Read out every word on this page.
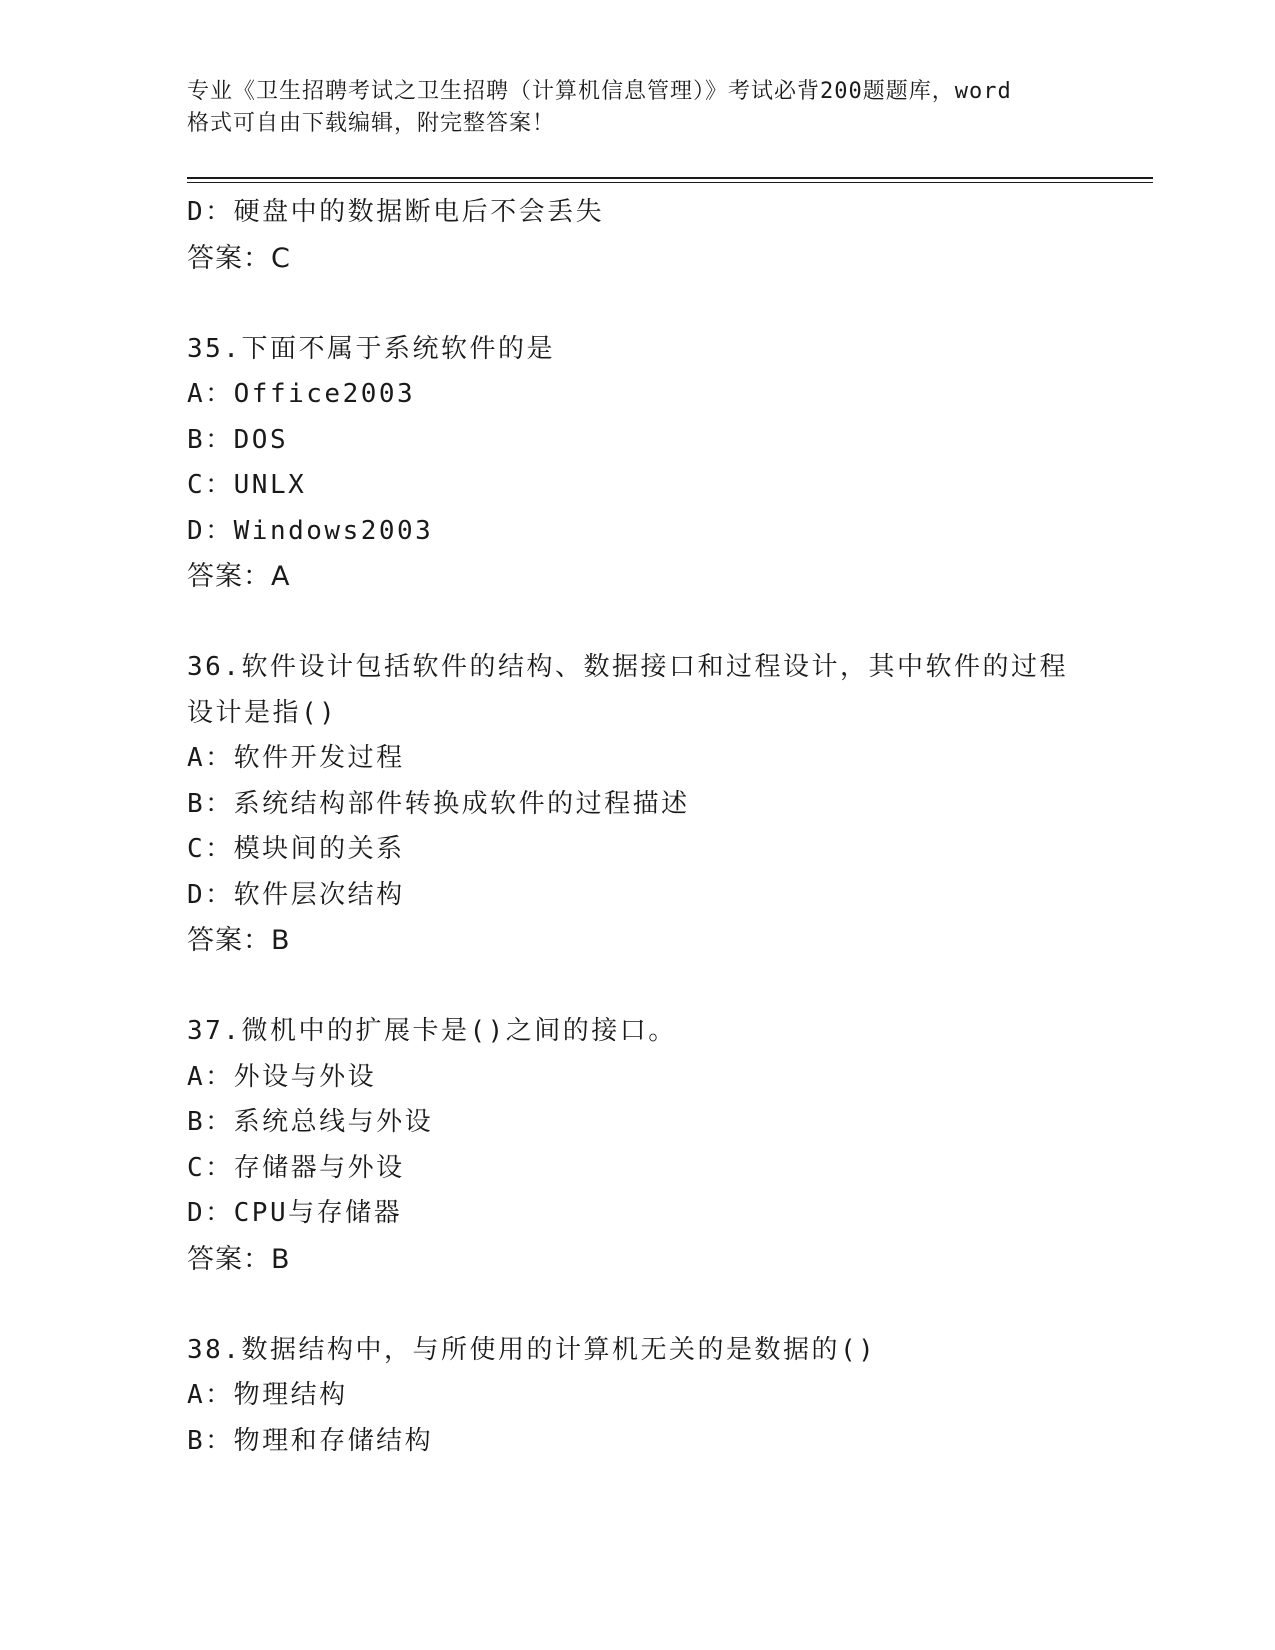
专业《卫生招聘考试之卫生招聘（计算机信息管理）》考试必背200题题库，word
格式可自由下载编辑，附完整答案！
D：硬盘中的数据断电后不会丢失
答案：C
35.下面不属于系统软件的是
A：Office2003
B：DOS
C：UNLX
D：Windows2003
答案：A
36.软件设计包括软件的结构、数据接口和过程设计，其中软件的过程
设计是指()
A：软件开发过程
B：系统结构部件转换成软件的过程描述
C：模块间的关系
D：软件层次结构
答案：B
37.微机中的扩展卡是()之间的接口。
A：外设与外设
B：系统总线与外设
C：存储器与外设
D：CPU与存储器
答案：B
38.数据结构中，与所使用的计算机无关的是数据的()
A：物理结构
B：物理和存储结构
